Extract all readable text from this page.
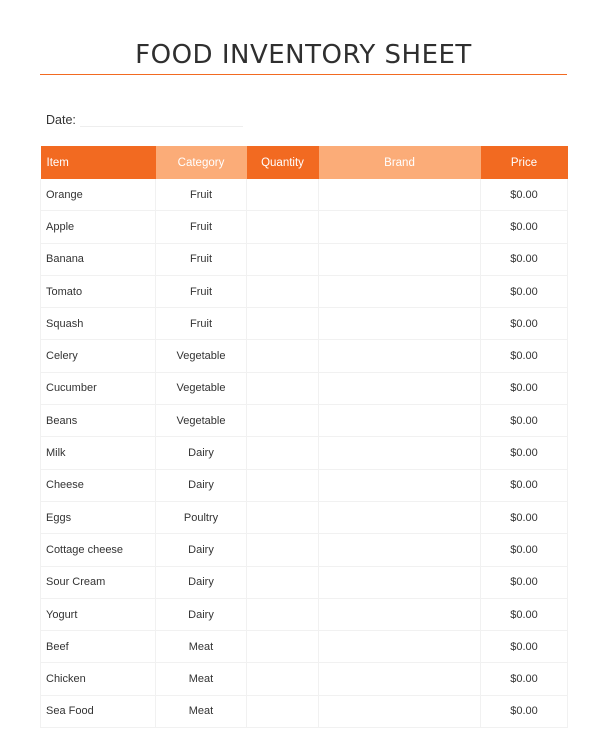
FOOD INVENTORY SHEET
Date:
Item	Category	Quantity	Brand	Price
Orange	Fruit			$0.00
Apple	Fruit			$0.00
Banana	Fruit			$0.00
Tomato	Fruit			$0.00
Squash	Fruit			$0.00
Celery	Vegetable			$0.00
Cucumber	Vegetable			$0.00
Beans	Vegetable			$0.00
Milk	Dairy			$0.00
Cheese	Dairy			$0.00
Eggs	Poultry			$0.00
Cottage cheese	Dairy			$0.00
Sour Cream	Dairy			$0.00
Yogurt	Dairy			$0.00
Beef	Meat			$0.00
Chicken	Meat			$0.00
Sea Food	Meat			$0.00
